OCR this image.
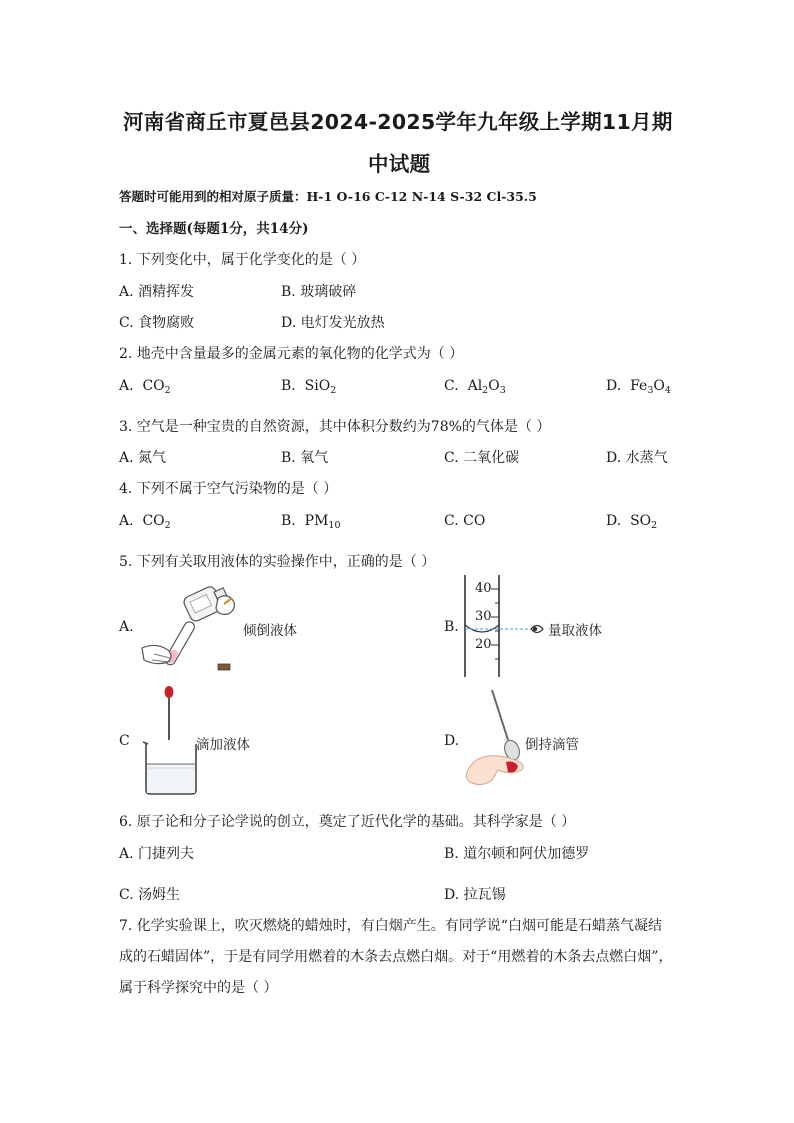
河南省商丘市夏邑县2024-2025学年九年级上学期11月期
中试题
答题时可能用到的相对原子质量：H-1 O-16 C-12 N-14 S-32 Cl-35.5
一、选择题(每题1分，共14分)
1. 下列变化中，属于化学变化的是（ ）
A. 酒精挥发	B. 玻璃破碎
C. 食物腐败	D. 电灯发光放热
2. 地壳中含量最多的金属元素的氧化物的化学式为（ ）
A. $CO_2$	B. SiO$_2$	C. $Al_2O_3$	D. $Fe_3O_4$
3. 空气是一种宝贵的自然资源，其中体积分数约为78%的气体是（ ）
A. 氮气	B. 氧气	C. 二氧化碳	D. 水蒸气
4. 下列不属于空气污染物的是（ ）
A. $CO_2$	B. $PM_{10}$	C. CO	D. $SO_2$
5. 下列有关取用液体的实验操作中，正确的是（ ）
A.	倾倒液体	B.
40
30
20
量取液体
C	滴加液体	D.	倒持滴管
6. 原子论和分子论学说的创立，奠定了近代化学的基础。其科学家是（ ）
A. 门捷列夫	B. 道尔顿和阿伏加德罗
C. 汤姆生	D. 拉瓦锡
7. 化学实验课上，吹灭燃烧的蜡烛时，有白烟产生。有同学说“白烟可能是石蜡蒸气凝结
成的石蜡固体”，于是有同学用燃着的木条去点燃白烟。对于“用燃着的木条去点燃白烟”，
属于科学探究中的是（ ）
